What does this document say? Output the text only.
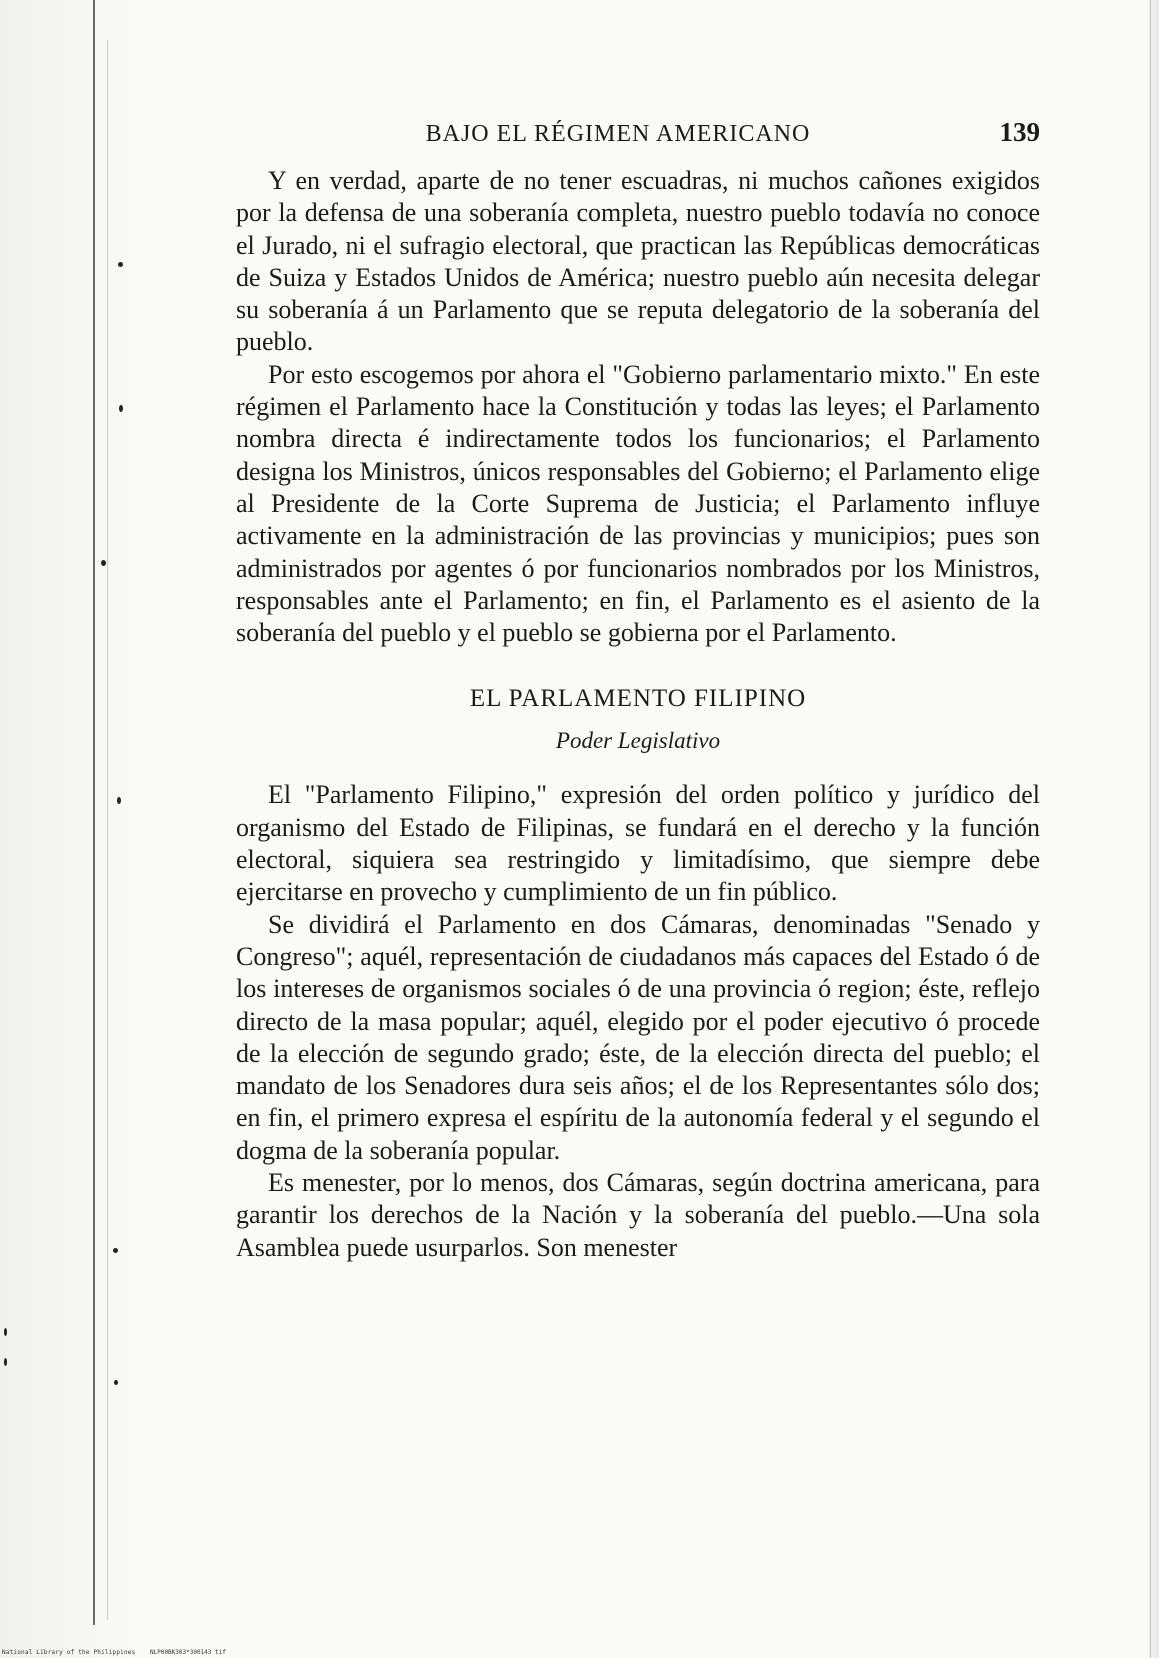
BAJO EL RÉGIMEN AMERICANO	139

Y en verdad, aparte de no tener escuadras, ni muchos cañones exigidos por la defensa de una soberanía completa, nuestro pueblo todavía no conoce el Jurado, ni el sufragio electoral, que practican las Repúblicas democráticas de Suiza y Estados Unidos de América; nuestro pueblo aún necesita delegar su soberanía á un Parlamento que se reputa delegatorio de la soberanía del pueblo.

Por esto escogemos por ahora el "Gobierno parlamentario mixto." En este régimen el Parlamento hace la Constitución y todas las leyes; el Parlamento nombra directa é indirectamente todos los funcionarios; el Parlamento designa los Ministros, únicos responsables del Gobierno; el Parlamento elige al Presidente de la Corte Suprema de Justicia; el Parlamento influye activamente en la administración de las provincias y municipios; pues son administrados por agentes ó por funcionarios nombrados por los Ministros, responsables ante el Parlamento; en fin, el Parlamento es el asiento de la soberanía del pueblo y el pueblo se gobierna por el Parlamento.

EL PARLAMENTO FILIPINO
Poder Legislativo

El "Parlamento Filipino," expresión del orden político y jurídico del organismo del Estado de Filipinas, se fundará en el derecho y la función electoral, siquiera sea restringido y limitadísimo, que siempre debe ejercitarse en provecho y cumplimiento de un fin público.

Se dividirá el Parlamento en dos Cámaras, denominadas "Senado y Congreso"; aquél, representación de ciudadanos más capaces del Estado ó de los intereses de organismos sociales ó de una provincia ó region; éste, reflejo directo de la masa popular; aquél, elegido por el poder ejecutivo ó procede de la elección de segundo grado; éste, de la elección directa del pueblo; el mandato de los Senadores dura seis años; el de los Representantes sólo dos; en fin, el primero expresa el espíritu de la autonomía federal y el segundo el dogma de la soberanía popular.

Es menester, por lo menos, dos Cámaras, según doctrina americana, para garantir los derechos de la Nación y la soberanía del pueblo.—Una sola Asamblea puede usurparlos. Son menester

National Library of the Philippines NLP00BK303*300143 tif
